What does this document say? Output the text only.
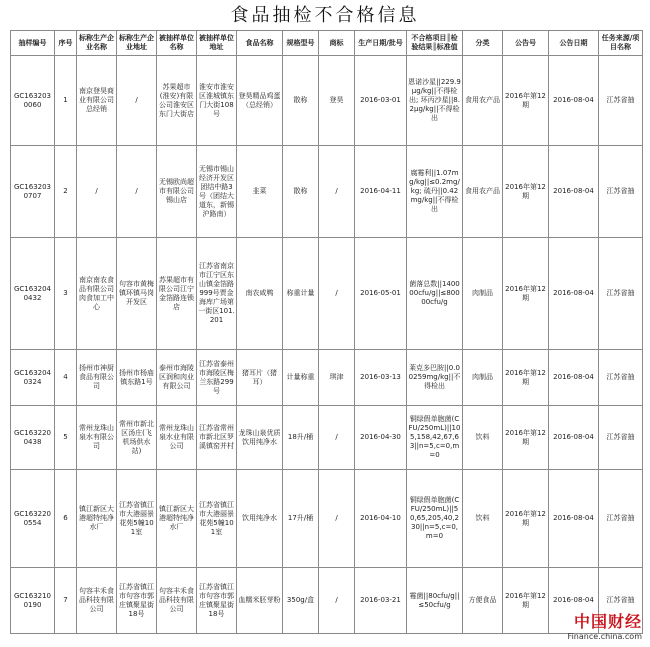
食品抽检不合格信息
抽样编号	序号	标称生产企业名称	标称生产企业地址	被抽样单位名称	被抽样单位地址	食品名称	规格型号	商标	生产日期/批号	不合格项目║检验结果║标准值	分类	公告号	公告日期	任务来源/项目名称
GC1632030060	1	南京登昊商业有限公司总经销	/	苏果超市(淮安)有限公司淮安区东门大街店	淮安市淮安区淮城镇东门大街108号	登昊精品鸡蛋（总经销）	散称	登昊	2016-03-01	恩诺沙星||229.9μg/kg||不得检出; 环丙沙星||8.2μg/kg||不得检出	食用农产品	2016年第12期	2016-08-04	江苏省抽
GC1632030707	2	/	/	无锡欧尚超市有限公司锡山店	无锡市锡山经济开发区团结中路3号（团结大道东，新锡沪路南）	韭菜	散称	/	2016-04-11	腐霉利||1.07mg/kg||≤0.2mg/kg; 硫丹||0.42mg/kg||不得检出	食用农产品	2016年第12期	2016-08-04	江苏省抽
GC1632040432	3	南京南农食品有限公司肉食加工中心	句容市黄梅镇环镇马岗开发区	苏果超市有限公司江宁金箔路连锁店	江苏省南京市江宁区东山镇金箔路999号贾金海库广场第一街区101.201	南农咸鸭	称重计量	/	2016-05-01	菌落总数||140000cfu/g||≤80000cfu/g	肉制品	2016年第12期	2016-08-04	江苏省抽
GC1632040324	4	扬州市神厨食品有限公司	扬州市杨庙镇东路1号	泰州市海陵区润和肉业有限公司	江苏省泰州市海陵区梅兰东路299号	猪耳片（猪耳）	计量称重	琪津	2016-03-13	莱克多巴胺||0.00259mg/kg||不得检出	肉制品	2016年第12期	2016-08-04	江苏省抽
GC1632200438	5	常州龙珠山泉水有限公司	常州市新北区汤庄(飞机场供水站)	常州龙珠山泉水业有限公司	江苏省常州市新北区罗溪镇窑并村	龙珠山泉优质饮用纯净水	18升/桶	/	2016-04-30	铜绿假单胞菌(CFU/250mL)||105,158,42,67,63||n=5,c=0,m=0	饮料	2016年第12期	2016-08-04	江苏省抽
GC1632200554	6	镇江新区大港超特纯净水厂	江苏省镇江市大港丽景花苑5幢101室	镇江新区大港超特纯净水厂	江苏省镇江市大港丽景花苑5幢101室	饮用纯净水	17升/桶	/	2016-04-10	铜绿假单胞菌(CFU/250mL)||50,65,205,40,230||n=5,c=0,m=0	饮料	2016年第12期	2016-08-04	江苏省抽
GC1632100190	7	句容丰禾食品科技有限公司	江苏省镇江市句容市郭庄镇聚星街18号	句容丰禾食品科技有限公司	江苏省镇江市句容市郭庄镇聚星街18号	血糯米胚芽粉	350g/盒	/	2016-03-21	霉菌||80cfu/g||≤50cfu/g	方便食品	2016年第12期	2016-08-04	江苏省抽
中国财经
Finance.china.com
